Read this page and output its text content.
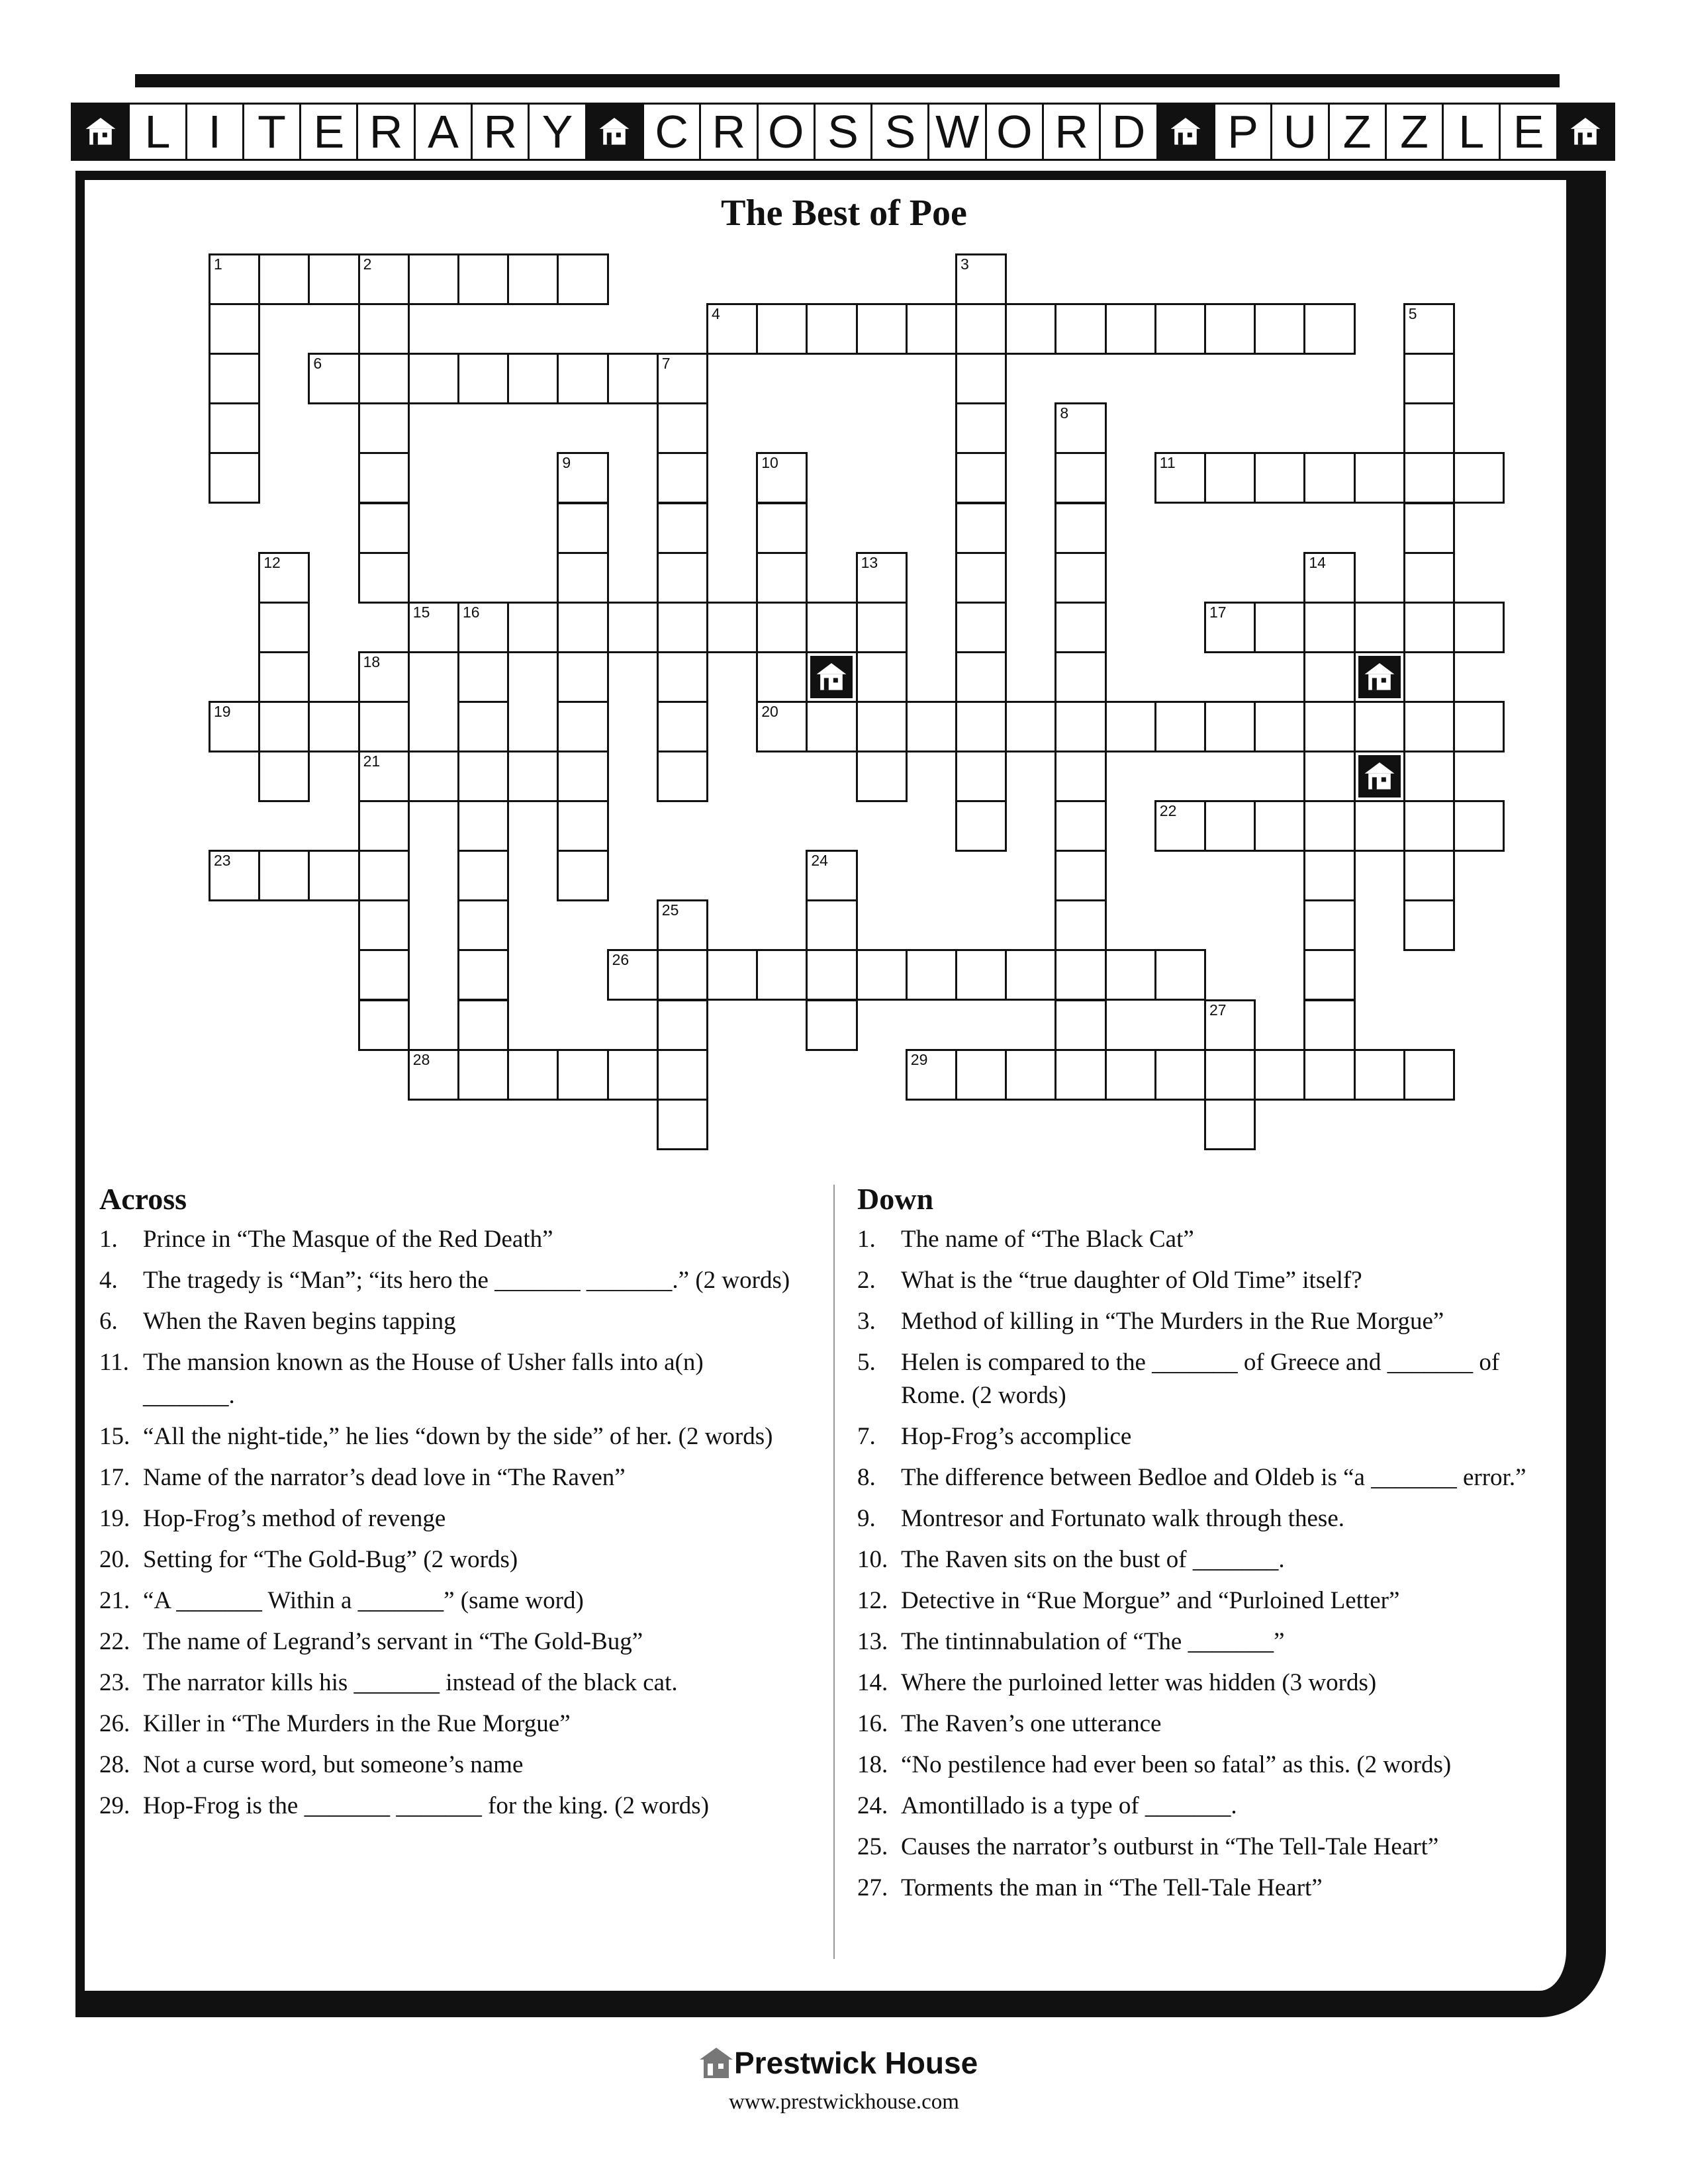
L I T E R A R Y C R O S S W O R D P U Z Z L E
The Best of Poe
1	2
4
6	7
11
15 16	17
19	20
21
22
23
26
28	29
3
5
8
9	10
12	13	14
18
24
25
27
Across
1. Prince in “The Masque of the Red Death”
4. The tragedy is “Man”; “its hero the _______ _______.” (2 words)
6. When the Raven begins tapping
11. The mansion known as the House of Usher falls into a(n) _______.
15. “All the night-tide,” he lies “down by the side” of her. (2 words)
17. Name of the narrator’s dead love in “The Raven”
19. Hop-Frog’s method of revenge
20. Setting for “The Gold-Bug” (2 words)
21. “A _______ Within a _______” (same word)
22. The name of Legrand’s servant in “The Gold-Bug”
23. The narrator kills his _______ instead of the black cat.
26. Killer in “The Murders in the Rue Morgue”
28. Not a curse word, but someone’s name
29. Hop-Frog is the _______ _______ for the king. (2 words)
Down
1. The name of “The Black Cat”
2. What is the “true daughter of Old Time” itself?
3. Method of killing in “The Murders in the Rue Morgue”
5. Helen is compared to the _______ of Greece and _______ of Rome. (2 words)
7. Hop-Frog’s accomplice
8. The difference between Bedloe and Oldeb is “a _______ error.”
9. Montresor and Fortunato walk through these.
10. The Raven sits on the bust of _______.
12. Detective in “Rue Morgue” and “Purloined Letter”
13. The tintinnabulation of “The _______”
14. Where the purloined letter was hidden (3 words)
16. The Raven’s one utterance
18. “No pestilence had ever been so fatal” as this. (2 words)
24. Amontillado is a type of _______.
25. Causes the narrator’s outburst in “The Tell-Tale Heart”
27. Torments the man in “The Tell-Tale Heart”
Prestwick House
www.prestwickhouse.com
